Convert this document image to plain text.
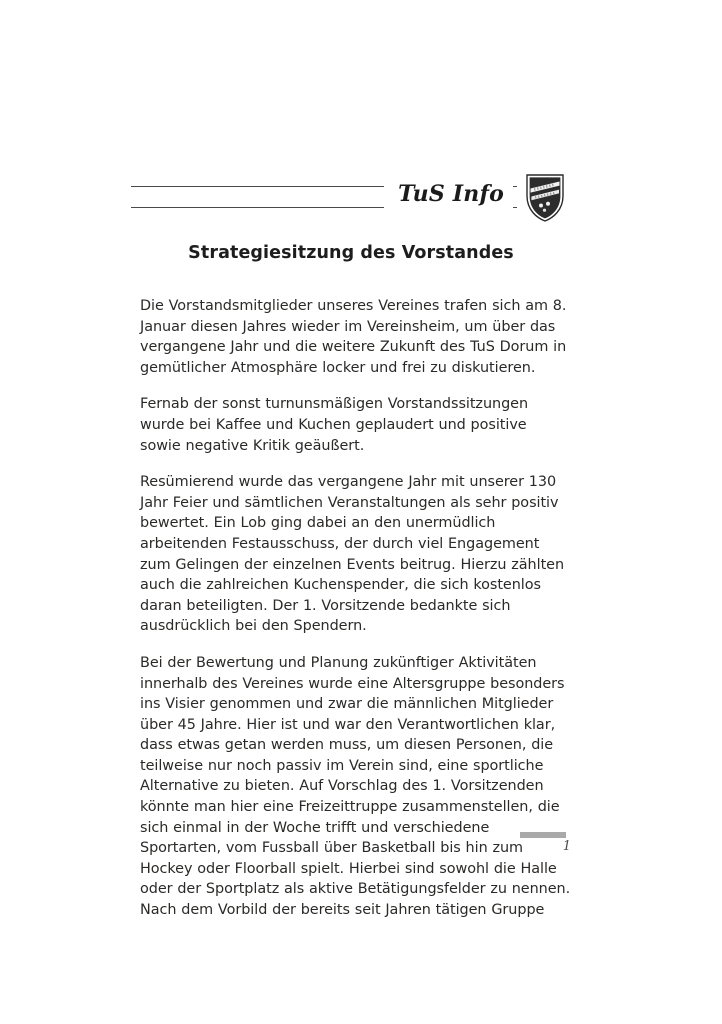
TuS Info
Strategiesitzung des Vorstandes

Die Vorstandsmitglieder unseres Vereines trafen sich am 8. Januar diesen Jahres wieder im Vereinsheim, um über das vergangene Jahr und die weitere Zukunft des TuS Dorum in gemütlicher Atmosphäre locker und frei zu diskutieren.

Fernab der sonst turnunsmäßigen Vorstandssitzungen wurde bei Kaffee und Kuchen geplaudert und positive sowie negative Kritik geäußert.

Resümierend wurde das vergangene Jahr mit unserer 130 Jahr Feier und sämtlichen Veranstaltungen als sehr positiv bewertet. Ein Lob ging dabei an den unermüdlich arbeitenden Festausschuss, der durch viel Engagement zum Gelingen der einzelnen Events beitrug. Hierzu zählten auch die zahlreichen Kuchenspender, die sich kostenlos daran beteiligten. Der 1. Vorsitzende bedankte sich ausdrücklich bei den Spendern.

Bei der Bewertung und Planung zukünftiger Aktivitäten innerhalb des Vereines wurde eine Altersgruppe besonders ins Visier genommen und zwar die männlichen Mitglieder über 45 Jahre. Hier ist und war den Verantwortlichen klar, dass etwas getan werden muss, um diesen Personen, die teilweise nur noch passiv im Verein sind, eine sportliche Alternative zu bieten. Auf Vorschlag des 1. Vorsitzenden könnte man hier eine Freizeittruppe zusammenstellen, die sich einmal in der Woche trifft und verschiedene Sportarten, vom Fussball über Basketball bis hin zum Hockey oder Floorball spielt. Hierbei sind sowohl die Halle oder der Sportplatz als aktive Betätigungsfelder zu nennen. Nach dem Vorbild der bereits seit Jahren tätigen Gruppe

1
